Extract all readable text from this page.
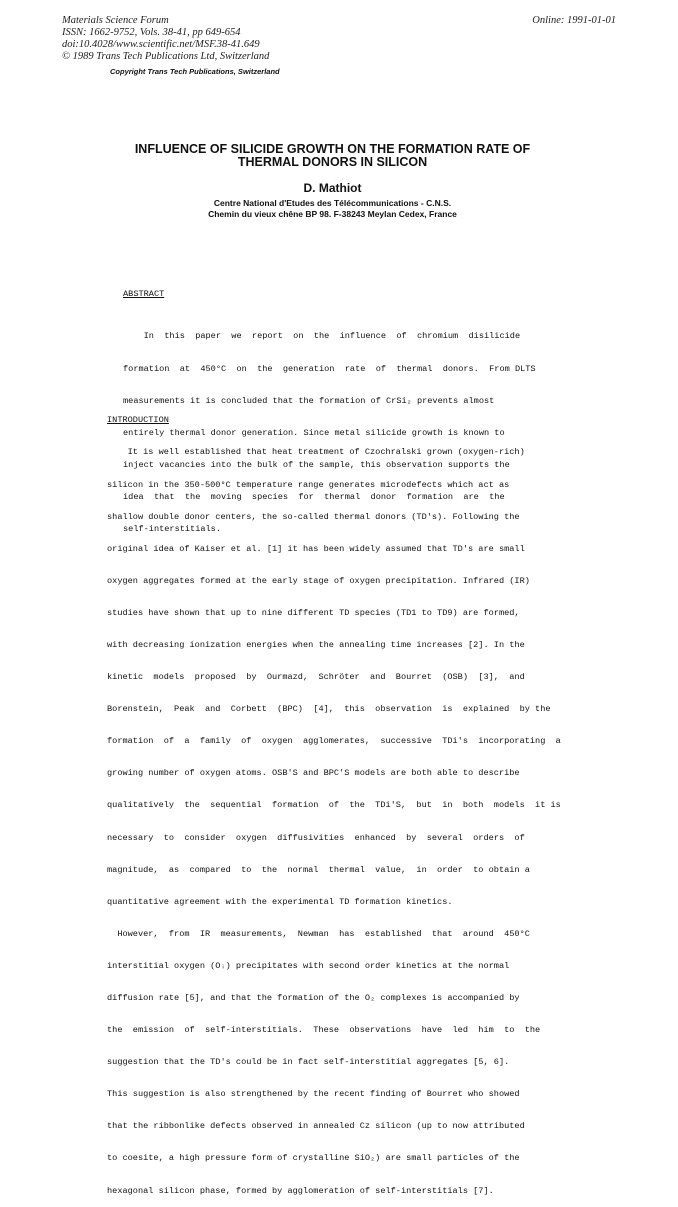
Materials Science Forum
ISSN: 1662-9752, Vols. 38-41, pp 649-654
doi:10.4028/www.scientific.net/MSF.38-41.649
© 1989 Trans Tech Publications Ltd, Switzerland
Online: 1991-01-01
Copyright Trans Tech Publications, Switzerland
INFLUENCE OF SILICIDE GROWTH ON THE FORMATION RATE OF
THERMAL DONORS IN SILICON
D. Mathiot
Centre National d'Etudes des Télécommunications - C.N.S.
Chemin du vieux chêne BP 98. F-38243 Meylan Cedex, France
ABSTRACT

In  this  paper  we  report  on  the  influence  of  chromium  disilicide

formation  at  450°C  on  the  generation  rate  of  thermal  donors.  From DLTS

measurements it is concluded that the formation of CrSi₂ prevents almost

entirely thermal donor generation. Since metal silicide growth is known to

inject vacancies into the bulk of the sample, this observation supports the

idea  that  the  moving  species  for  thermal  donor  formation  are  the

self-interstitials.

INTRODUCTION

It is well established that heat treatment of Czochralski grown (oxygen-rich)

silicon in the 350-500°C temperature range generates microdefects which act as

shallow double donor centers, the so-called thermal donors (TD's). Following the

original idea of Kaiser et al. [1] it has been widely assumed that TD's are small

oxygen aggregates formed at the early stage of oxygen precipitation. Infrared (IR)

studies have shown that up to nine different TD species (TD1 to TD9) are formed,

with decreasing ionization energies when the annealing time increases [2]. In the

kinetic  models  proposed  by  Ourmazd,  Schröter  and  Bourret  (OSB)  [3],  and

Borenstein,  Peak  and  Corbett  (BPC)  [4],  this  observation  is  explained  by the

formation  of  a  family  of  oxygen  agglomerates,  successive  TDi's  incorporating  a

growing number of oxygen atoms. OSB'S and BPC'S models are both able to describe

qualitatively  the  sequential  formation  of  the  TDi'S,  but  in  both  models  it is

necessary  to  consider  oxygen  diffusivities  enhanced  by  several  orders  of

magnitude,  as  compared  to  the  normal  thermal  value,  in  order  to obtain a

quantitative agreement with the experimental TD formation kinetics.

However,  from  IR  measurements,  Newman  has  established  that  around  450°C

interstitial oxygen (Oᵢ) precipitates with second order kinetics at the normal

diffusion rate [5], and that the formation of the O₂ complexes is accompanied by

the  emission  of  self-interstitials.  These  observations  have  led  him  to  the

suggestion that the TD's could be in fact self-interstitial aggregates [5, 6].

This suggestion is also strengthened by the recent finding of Bourret who showed

that the ribbonlike defects observed in annealed Cz silicon (up to now attributed

to coesite, a high pressure form of crystalline SiO₂) are small particles of the

hexagonal silicon phase, formed by agglomeration of self-interstitials [7].
